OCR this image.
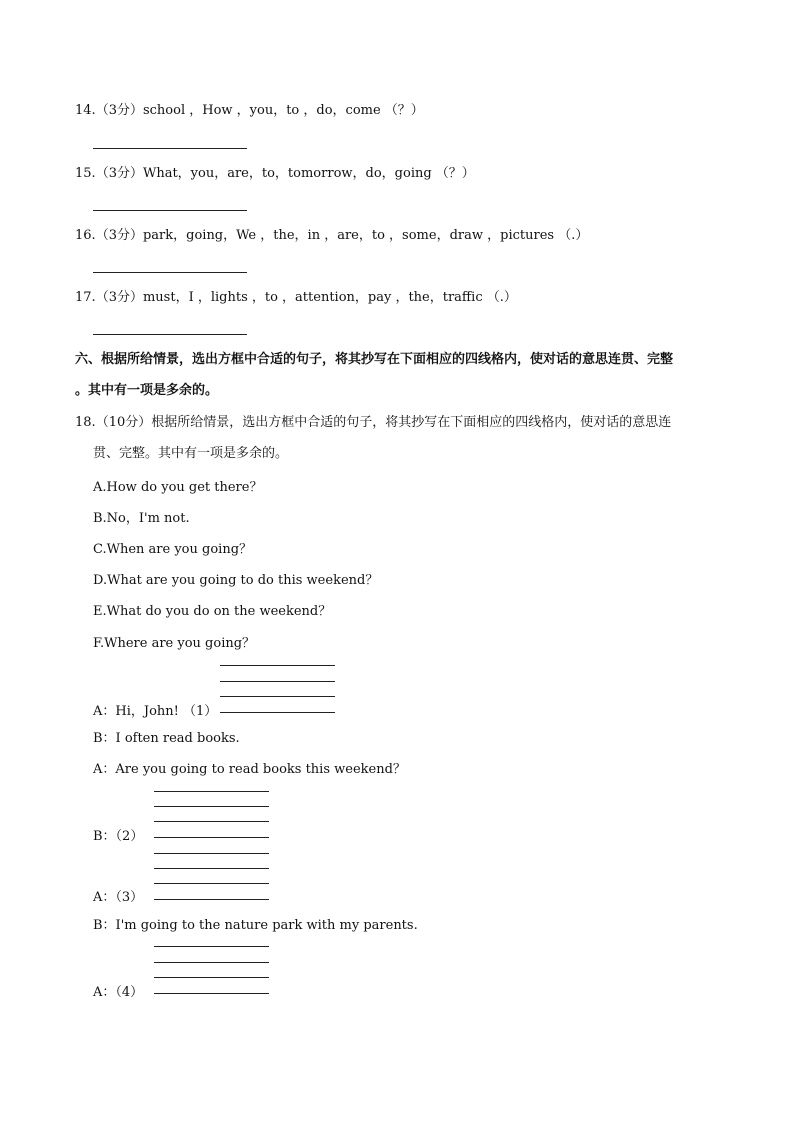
14.（3分）school ，How ，you，to ，do，come （？）
15.（3分）What，you，are，to，tomorrow，do，going （？）
16.（3分）park，going，We ，the，in ，are，to ，some，draw ，pictures （.）
17.（3分）must，I ，lights ，to ，attention，pay ，the，traffic （.）
六、根据所给情景，选出方框中合适的句子，将其抄写在下面相应的四线格内，使对话的意思连贯、完整
。其中有一项是多余的。
18.（10分）根据所给情景，选出方框中合适的句子，将其抄写在下面相应的四线格内，使对话的意思连
贯、完整。其中有一项是多余的。
A.How do you get there？
B.No，I'm not.
C.When are you going？
D.What are you going to do this weekend？
E.What do you do on the weekend？
F.Where are you going？
A：Hi，John! （1）
B：I often read books.
A：Are you going to read books this weekend？
B：（2）
A：（3）
B：I'm going to the nature park with my parents.
A：（4）
